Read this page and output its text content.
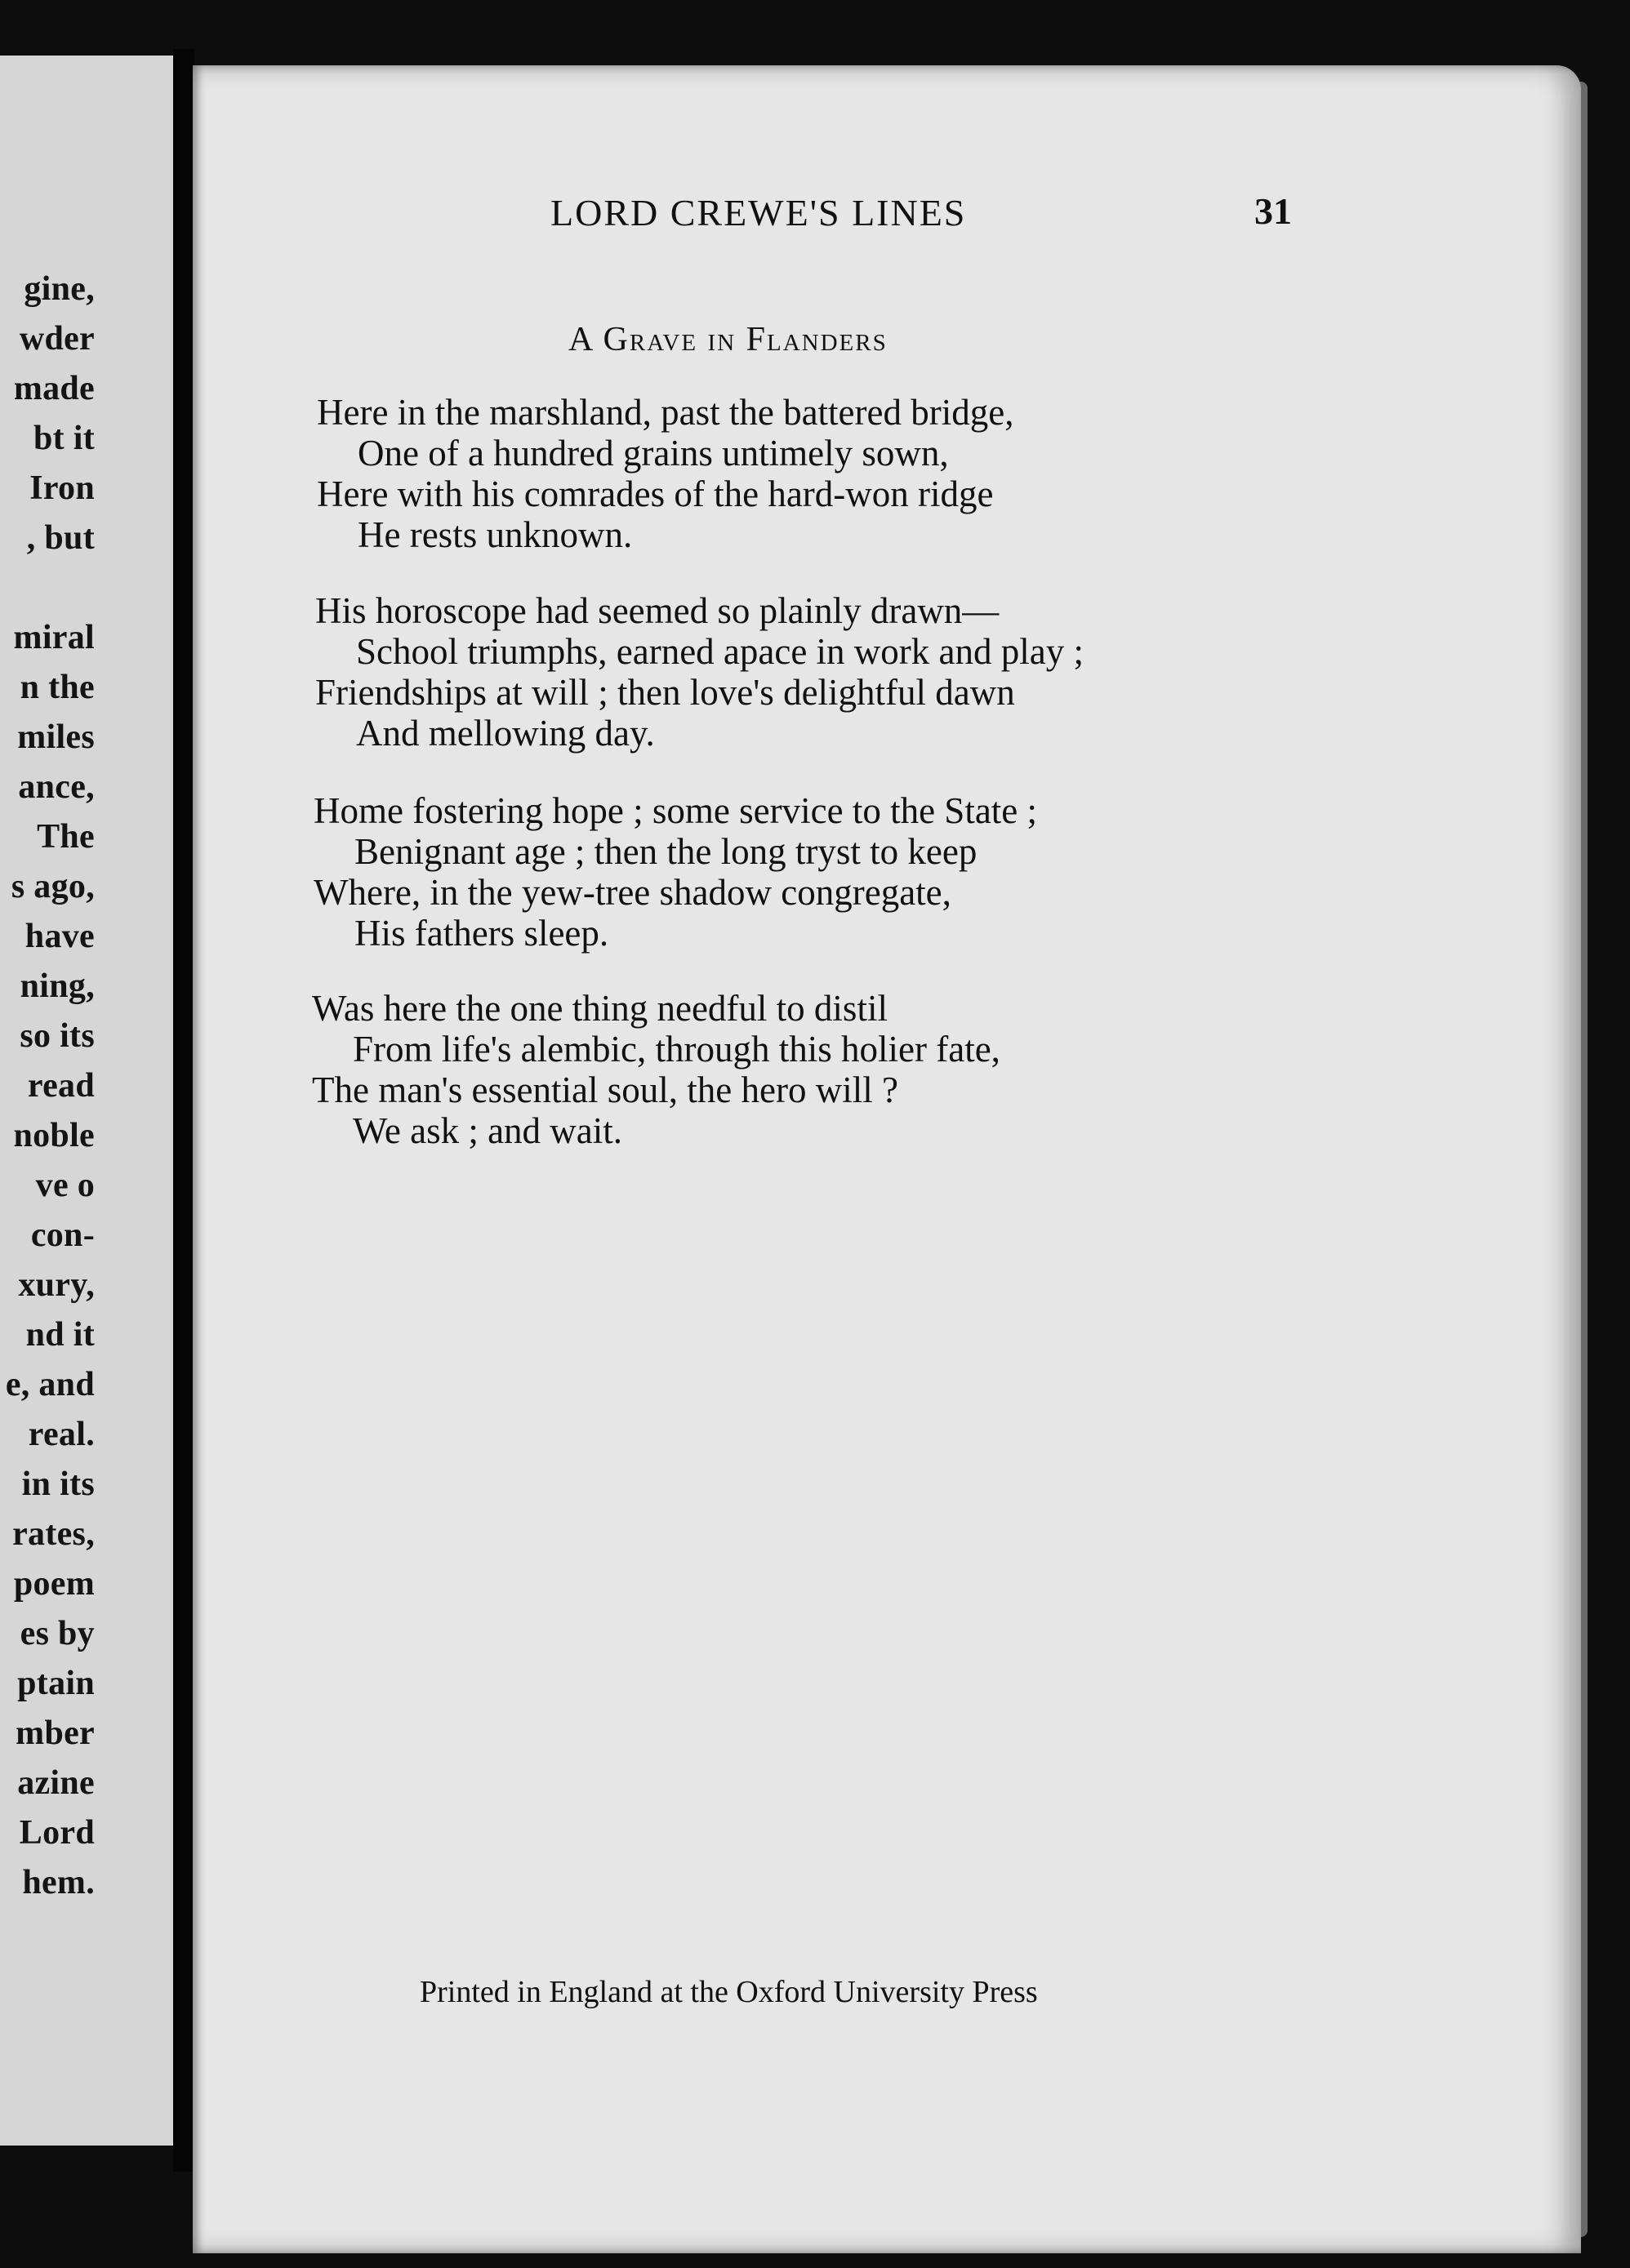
gine,

wder

made

bt it

Iron

, but

miral

n the

miles

ance,

The

s ago,

have

ning,

so its

read

noble

ve o

con-

xury,

nd it

e, and

real.

in its

rates,

poem

es by

ptain

mber

azine

Lord

hem.

LORD CREWE'S LINES	31

A Grave in Flanders

Here in the marshland, past the battered bridge,
One of a hundred grains untimely sown,
Here with his comrades of the hard-won ridge
He rests unknown.
His horoscope had seemed so plainly drawn—
School triumphs, earned apace in work and play ;
Friendships at will ; then love's delightful dawn
And mellowing day.
Home fostering hope ; some service to the State ;
Benignant age ; then the long tryst to keep
Where, in the yew-tree shadow congregate,
His fathers sleep.
Was here the one thing needful to distil
From life's alembic, through this holier fate,
The man's essential soul, the hero will ?
We ask ; and wait.

Printed in England at the Oxford University Press
